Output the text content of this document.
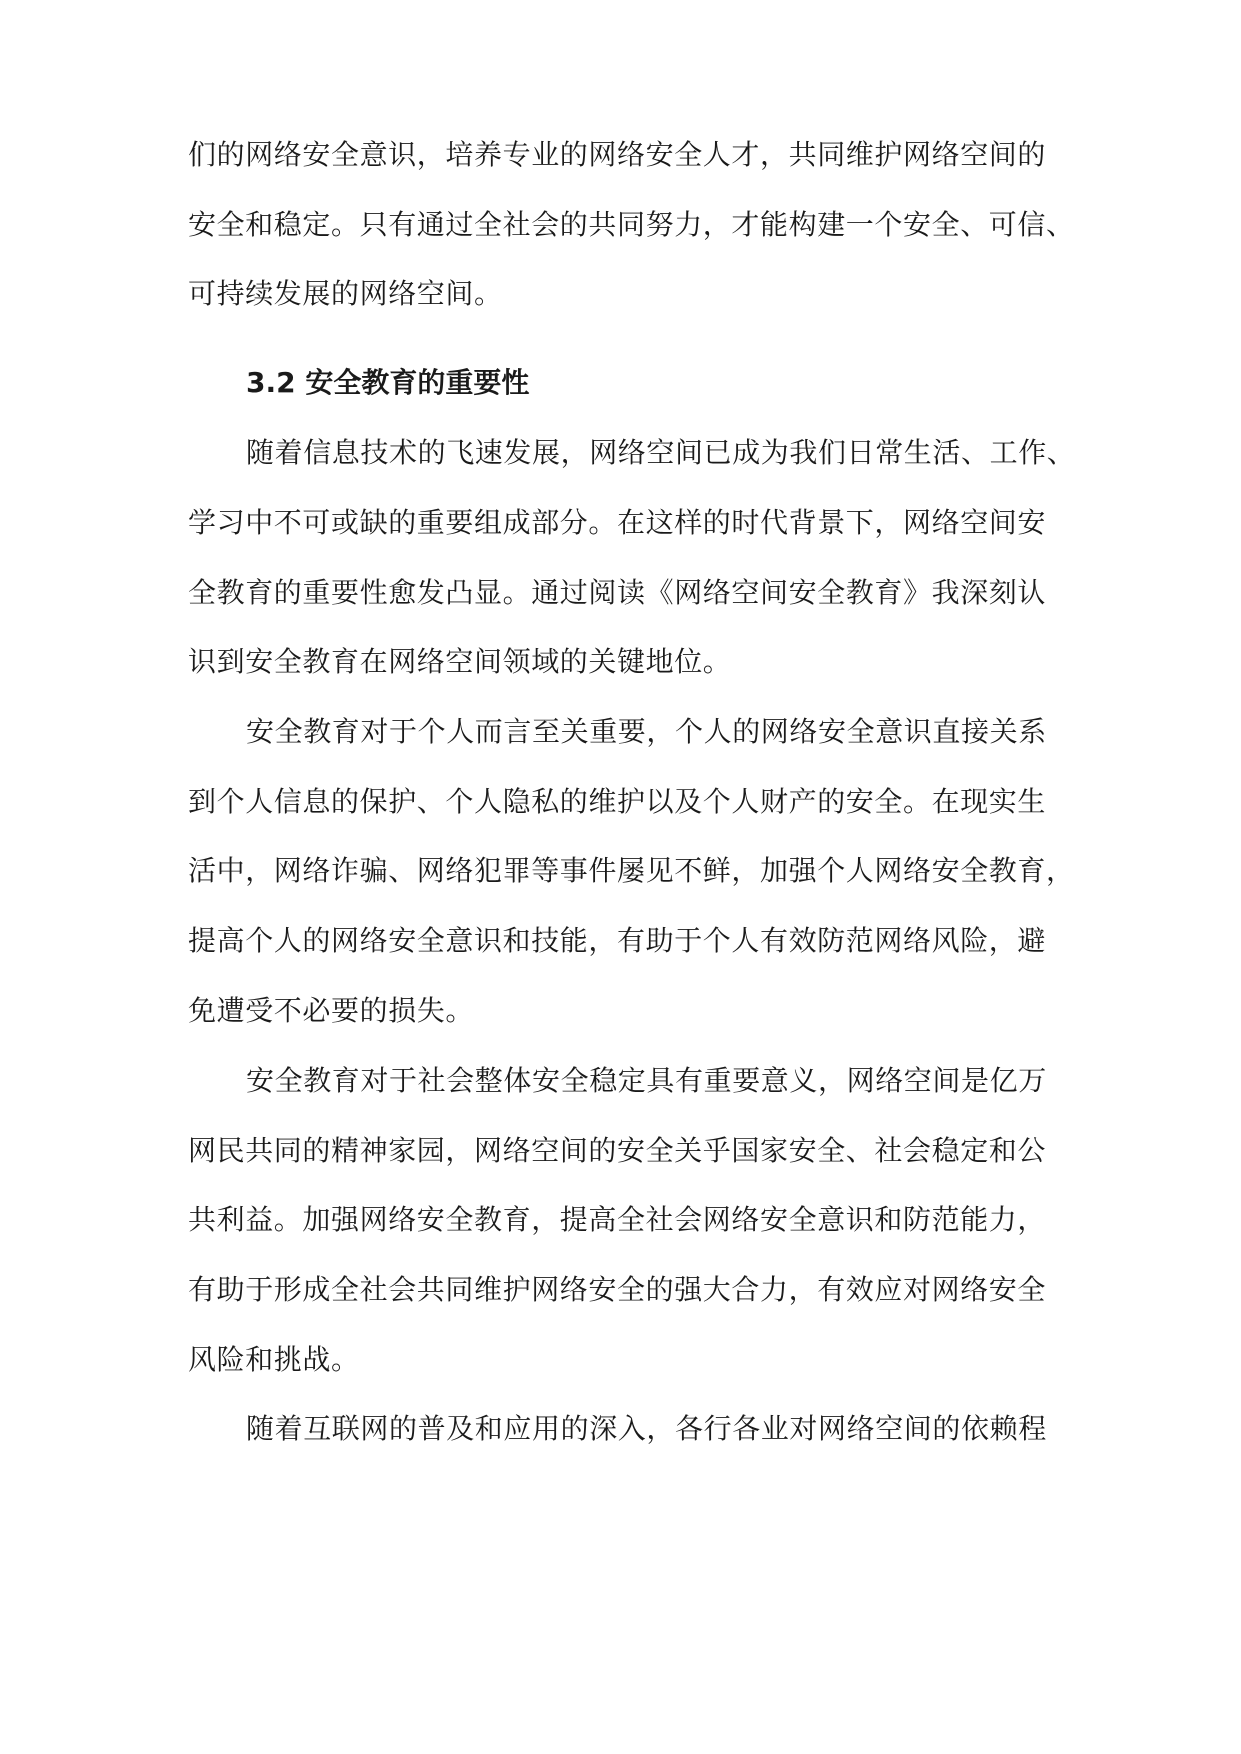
们的网络安全意识，培养专业的网络安全人才，共同维护网络空间的
安全和稳定。只有通过全社会的共同努力，才能构建一个安全、可信、
可持续发展的网络空间。
3.2 安全教育的重要性
随着信息技术的飞速发展，网络空间已成为我们日常生活、工作、
学习中不可或缺的重要组成部分。在这样的时代背景下，网络空间安
全教育的重要性愈发凸显。通过阅读《网络空间安全教育》我深刻认
识到安全教育在网络空间领域的关键地位。
安全教育对于个人而言至关重要，个人的网络安全意识直接关系
到个人信息的保护、个人隐私的维护以及个人财产的安全。在现实生
活中，网络诈骗、网络犯罪等事件屡见不鲜，加强个人网络安全教育，
提高个人的网络安全意识和技能，有助于个人有效防范网络风险，避
免遭受不必要的损失。
安全教育对于社会整体安全稳定具有重要意义，网络空间是亿万
网民共同的精神家园，网络空间的安全关乎国家安全、社会稳定和公
共利益。加强网络安全教育，提高全社会网络安全意识和防范能力，
有助于形成全社会共同维护网络安全的强大合力，有效应对网络安全
风险和挑战。
随着互联网的普及和应用的深入，各行各业对网络空间的依赖程
